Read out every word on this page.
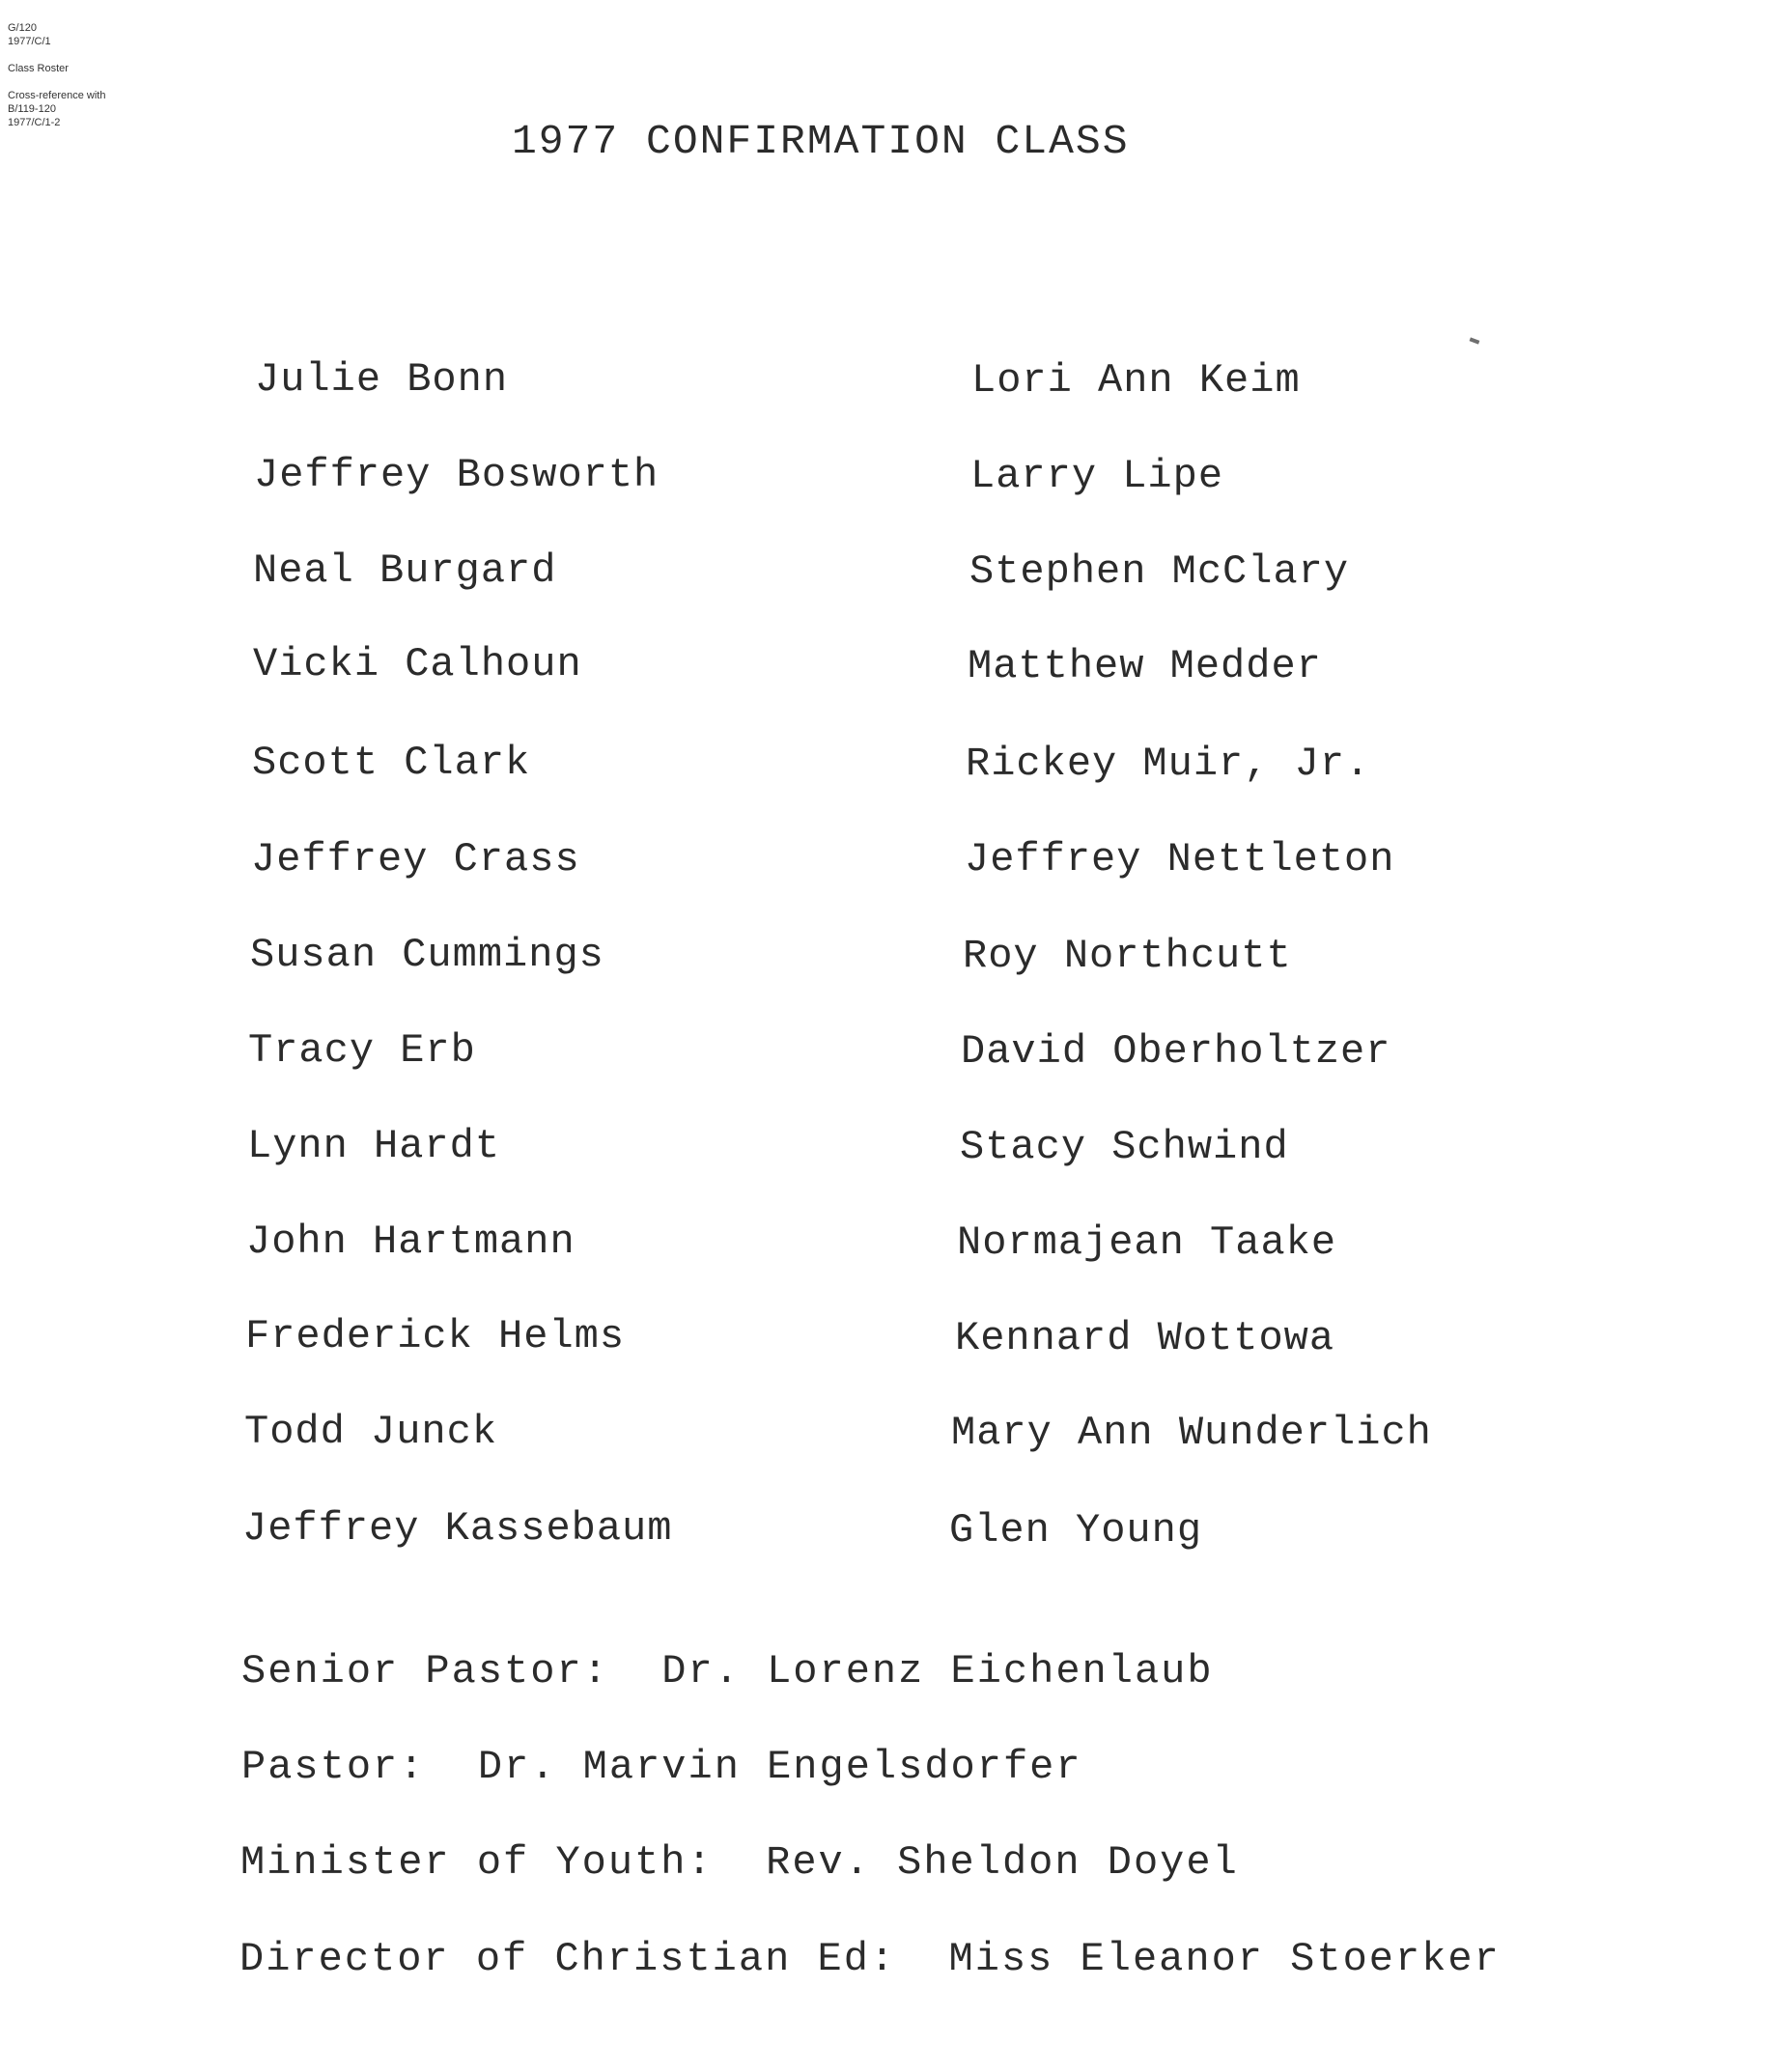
G/120
1977/C/1
Class Roster
Cross-reference with
B/119-120
1977/C/1-2	1977 CONFIRMATION CLASS
Julie Bonn
Jeffrey Bosworth
Neal Burgard
Vicki Calhoun
Scott Clark
Jeffrey Crass
Susan Cummings
Tracy Erb
Lynn Hardt
John Hartmann
Frederick Helms
Todd Junck
Jeffrey Kassebaum
Lori Ann Keim
Larry Lipe
Stephen McClary
Matthew Medder
Rickey Muir, Jr.
Jeffrey Nettleton
Roy Northcutt
David Oberholtzer
Stacy Schwind
Normajean Taake
Kennard Wottowa
Mary Ann Wunderlich
Glen Young
Senior Pastor: Dr. Lorenz Eichenlaub
Pastor: Dr. Marvin Engelsdorfer
Minister of Youth: Rev. Sheldon Doyel
Director of Christian Ed: Miss Eleanor Stoerker
